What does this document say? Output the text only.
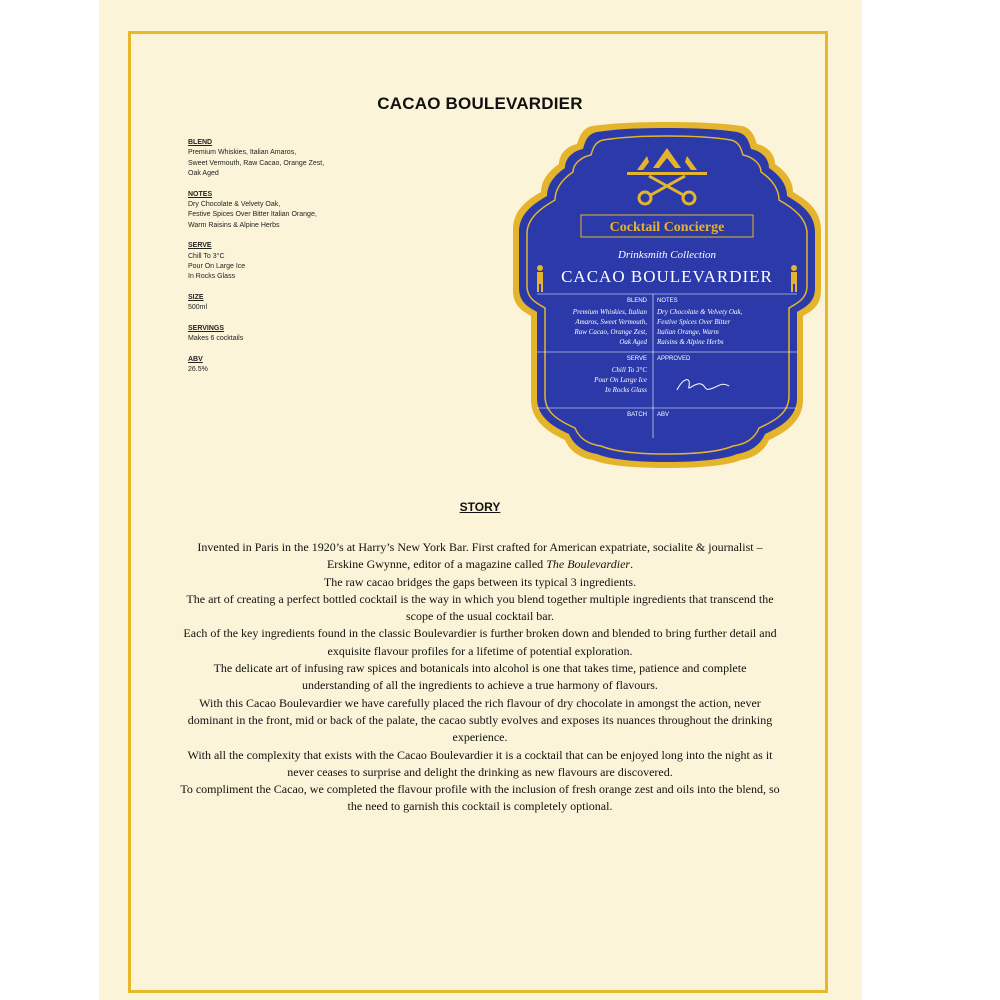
CACAO BOULEVARDIER
BLEND
Premium Whiskies, Italian Amaros,
Sweet Vermouth, Raw Cacao, Orange Zest,
Oak Aged
NOTES
Dry Chocolate & Velvety Oak,
Festive Spices Over Bitter Italian Orange,
Warm Raisins & Alpine Herbs
SERVE
Chill To 3°C
Pour On Large Ice
In Rocks Glass
SIZE
500ml
SERVINGS
Makes 6 cocktails
ABV
26.5%
Cocktail Concierge
Drinksmith Collection
CACAO BOULEVARDIER
BLEND NOTES
Premium Whiskies, Italian
Amaros, Sweet Vermouth,
Raw Cacao, Orange Zest,
Oak Aged
Dry Chocolate & Velvety Oak,
Festive Spices Over Bitter
Italian Orange, Warm
Raisins & Alpine Herbs
SERVE APPROVED
Chill To 3°C
Pour On Large Ice
In Rocks Glass
BATCH ABV
STORY

Invented in Paris in the 1920’s at Harry’s New York Bar. First crafted for American expatriate, socialite & journalist – Erskine Gwynne, editor of a magazine called The Boulevardier.

The raw cacao bridges the gaps between its typical 3 ingredients.

The art of creating a perfect bottled cocktail is the way in which you blend together multiple ingredients that transcend the scope of the usual cocktail bar.

Each of the key ingredients found in the classic Boulevardier is further broken down and blended to bring further detail and exquisite flavour profiles for a lifetime of potential exploration.

The delicate art of infusing raw spices and botanicals into alcohol is one that takes time, patience and complete understanding of all the ingredients to achieve a true harmony of flavours.

With this Cacao Boulevardier we have carefully placed the rich flavour of dry chocolate in amongst the action, never dominant in the front, mid or back of the palate, the cacao subtly evolves and exposes its nuances throughout the drinking experience.

With all the complexity that exists with the Cacao Boulevardier it is a cocktail that can be enjoyed long into the night as it never ceases to surprise and delight the drinking as new flavours are discovered.

To compliment the Cacao, we completed the flavour profile with the inclusion of fresh orange zest and oils into the blend, so the need to garnish this cocktail is completely optional.
